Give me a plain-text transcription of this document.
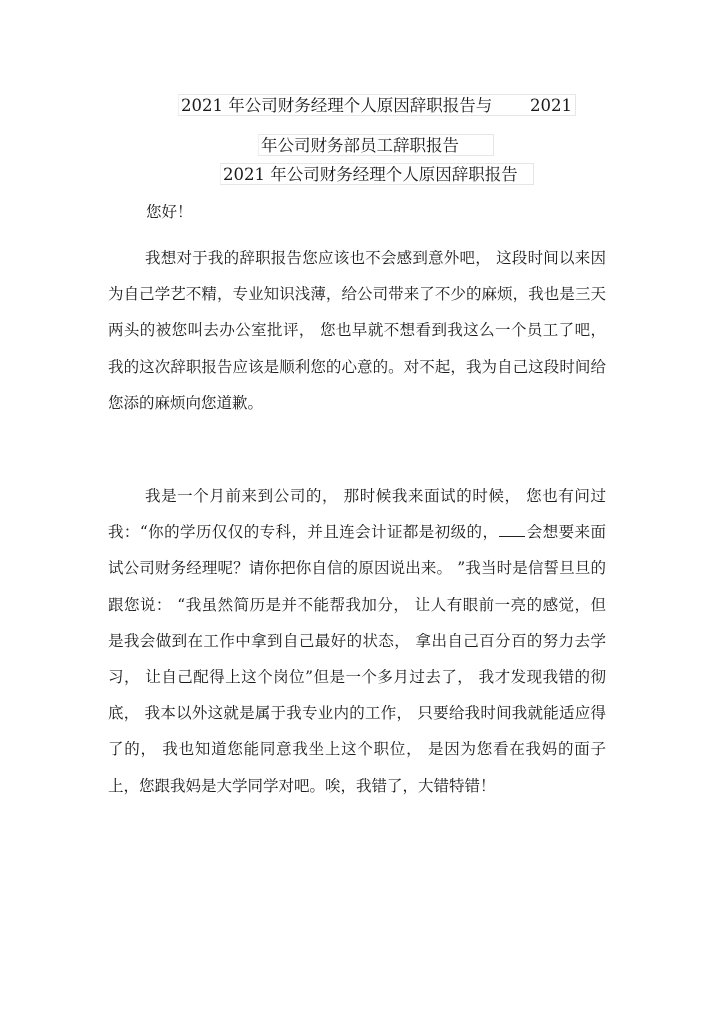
2021 年公司财务经理个人原因辞职报告与 2021
年公司财务部员工辞职报告
2021 年公司财务经理个人原因辞职报告
您好！

我想对于我的辞职报告您应该也不会感到意外吧， 这段时间以来因为自己学艺不精，专业知识浅薄，给公司带来了不少的麻烦，我也是三天两头的被您叫去办公室批评， 您也早就不想看到我这么一个员工了吧，我的这次辞职报告应该是顺利您的心意的。对不起，我为自己这段时间给您添的麻烦向您道歉。

我是一个月前来到公司的， 那时候我来面试的时候， 您也有问过我：“你的学历仅仅的专科，并且连会计证都是初级的， 会想要来面试公司财务经理呢？请你把你自信的原因说出来。 ”我当时是信誓旦旦的跟您说： “我虽然简历是并不能帮我加分， 让人有眼前一亮的感觉，但是我会做到在工作中拿到自己最好的状态， 拿出自己百分百的努力去学习， 让自己配得上这个岗位”但是一个多月过去了， 我才发现我错的彻底， 我本以外这就是属于我专业内的工作， 只要给我时间我就能适应得了的， 我也知道您能同意我坐上这个职位， 是因为您看在我妈的面子上，您跟我妈是大学同学对吧。唉，我错了，大错特错！
